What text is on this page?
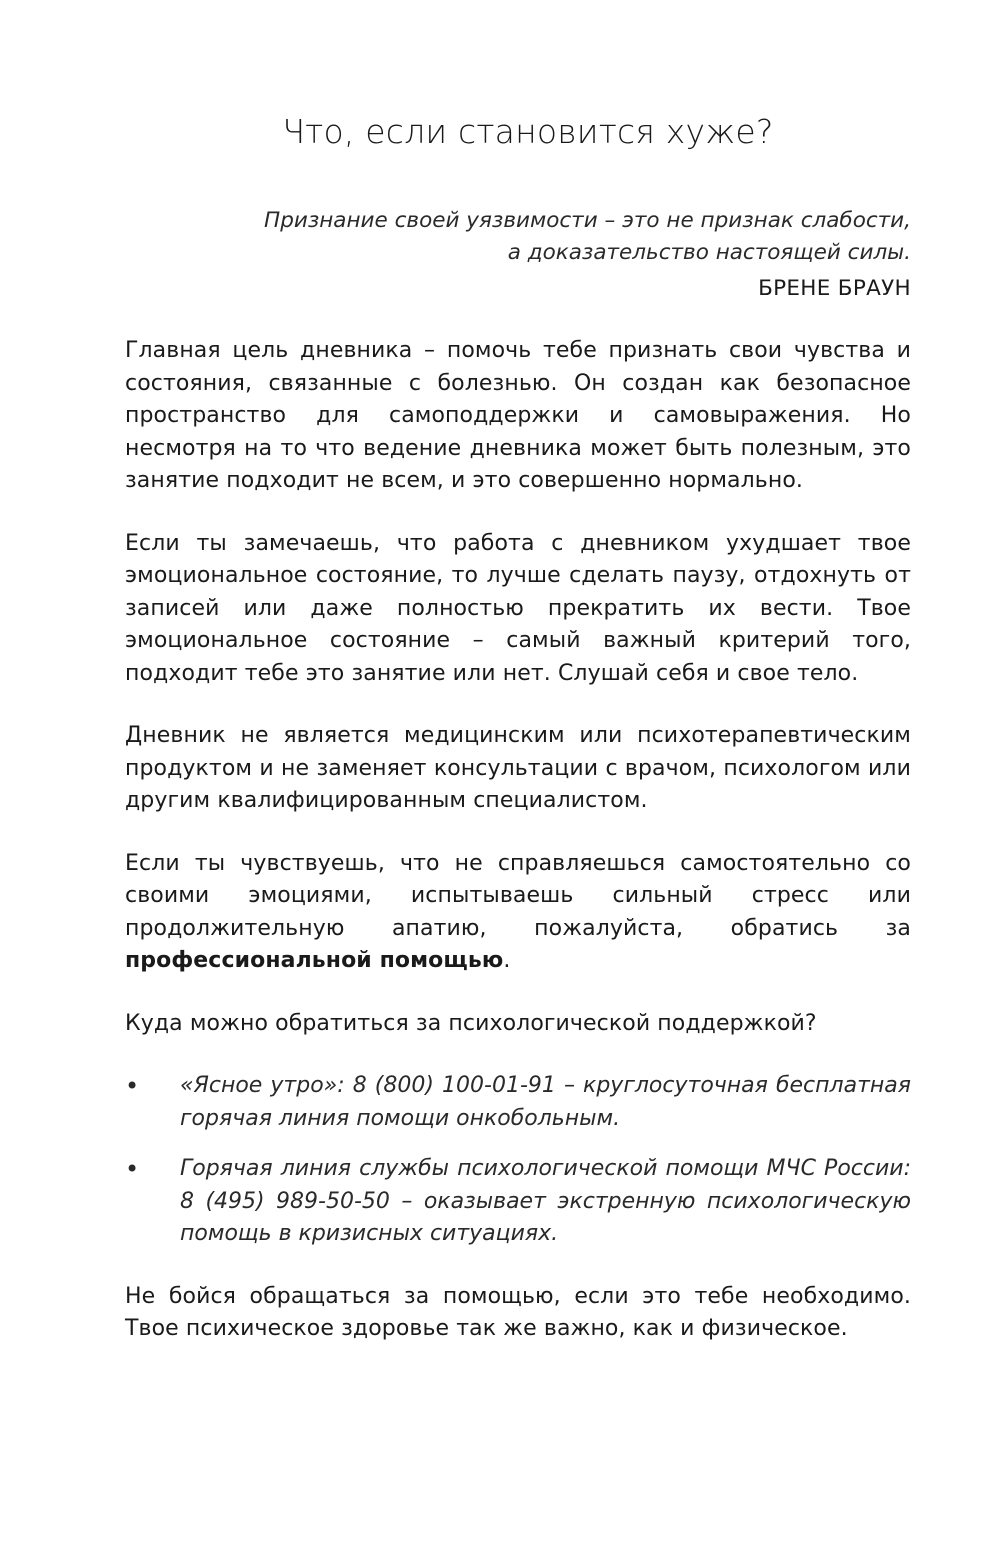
Что, если становится хуже?
Признание своей уязвимости – это не признак слабости,
а доказательство настоящей силы.
БРЕНЕ БРАУН

Главная цель дневника – помочь тебе признать свои чувства и состояния, связанные с болезнью. Он создан как безопасное пространство для самоподдержки и самовыражения. Но несмотря на то что ведение дневника может быть полезным, это занятие подходит не всем, и это совершенно нормально.

Если ты замечаешь, что работа с дневником ухудшает твое эмоциональное состояние, то лучше сделать паузу, отдохнуть от записей или даже полностью прекратить их вести. Твое эмоциональное состояние – самый важный критерий того, подходит тебе это занятие или нет. Слушай себя и свое тело.

Дневник не является медицинским или психотерапевтическим продуктом и не заменяет консультации с врачом, психологом или другим квалифицированным специалистом.

Если ты чувствуешь, что не справляешься самостоятельно со своими эмоциями, испытываешь сильный стресс или продолжительную апатию, пожалуйста, обратись за профессиональной помощью.

Куда можно обратиться за психологической поддержкой?

• «Ясное утро»: 8 (800) 100-01-91 – круглосуточная бесплатная горячая линия помощи онкобольным.
• Горячая линия службы психологической помощи МЧС России: 8 (495) 989-50-50 – оказывает экстренную психологическую помощь в кризисных ситуациях.

Не бойся обращаться за помощью, если это тебе необходимо. Твое психическое здоровье так же важно, как и физическое.
